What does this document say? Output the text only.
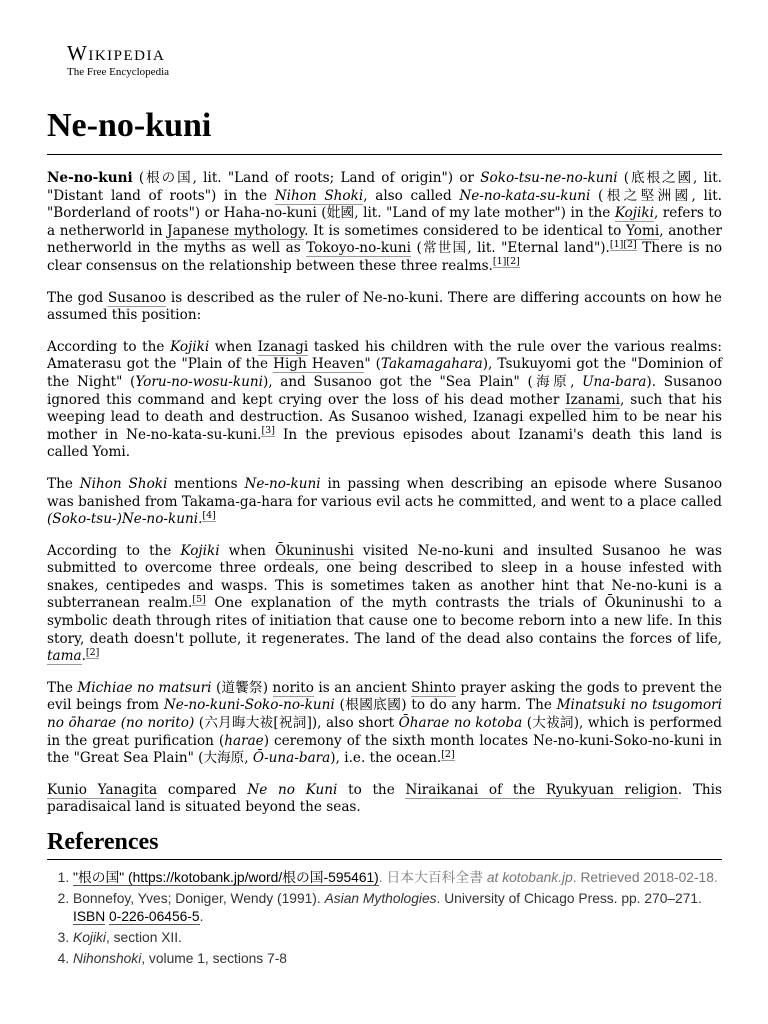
Wikipedia
The Free Encyclopedia
Ne-no-kuni

Ne-no-kuni (根の国, lit. "Land of roots; Land of origin") or Soko-tsu-ne-no-kuni (底根之國, lit. "Distant land of roots") in the Nihon Shoki, also called Ne-no-kata-su-kuni (根之堅洲國, lit. "Borderland of roots") or Haha-no-kuni (妣國, lit. "Land of my late mother") in the Kojiki, refers to a netherworld in Japanese mythology. It is sometimes considered to be identical to Yomi, another netherworld in the myths as well as Tokoyo-no-kuni (常世国, lit. "Eternal land").[1][2] There is no clear consensus on the relationship between these three realms.[1][2]

The god Susanoo is described as the ruler of Ne-no-kuni. There are differing accounts on how he assumed this position:

According to the Kojiki when Izanagi tasked his children with the rule over the various realms: Amaterasu got the "Plain of the High Heaven" (Takamagahara), Tsukuyomi got the "Dominion of the Night" (Yoru-no-wosu-kuni), and Susanoo got the "Sea Plain" (海原, Una-bara). Susanoo ignored this command and kept crying over the loss of his dead mother Izanami, such that his weeping lead to death and destruction. As Susanoo wished, Izanagi expelled him to be near his mother in Ne-no-kata-su-kuni.[3] In the previous episodes about Izanami's death this land is called Yomi.

The Nihon Shoki mentions Ne-no-kuni in passing when describing an episode where Susanoo was banished from Takama-ga-hara for various evil acts he committed, and went to a place called (Soko-tsu-)Ne-no-kuni.[4]

According to the Kojiki when Ōkuninushi visited Ne-no-kuni and insulted Susanoo he was submitted to overcome three ordeals, one being described to sleep in a house infested with snakes, centipedes and wasps. This is sometimes taken as another hint that Ne-no-kuni is a subterranean realm.[5] One explanation of the myth contrasts the trials of Ōkuninushi to a symbolic death through rites of initiation that cause one to become reborn into a new life. In this story, death doesn't pollute, it regenerates. The land of the dead also contains the forces of life, tama.[2]

The Michiae no matsuri (道饗祭) norito is an ancient Shinto prayer asking the gods to prevent the evil beings from Ne-no-kuni-Soko-no-kuni (根國底國) to do any harm. The Minatsuki no tsugomori no ōharae (no norito) (六月晦大祓[祝詞]), also short Ōharae no kotoba (大祓詞), which is performed in the great purification (harae) ceremony of the sixth month locates Ne-no-kuni-Soko-no-kuni in the "Great Sea Plain" (大海原, Ō-una-bara), i.e. the ocean.[2]

Kunio Yanagita compared Ne no Kuni to the Niraikanai of the Ryukyuan religion. This paradisaical land is situated beyond the seas.

References
1. "根の国" (https://kotobank.jp/word/根の国-595461). 日本大百科全書 at kotobank.jp. Retrieved 2018-02-18.
2. Bonnefoy, Yves; Doniger, Wendy (1991). Asian Mythologies. University of Chicago Press. pp. 270–271. ISBN 0-226-06456-5.
3. Kojiki, section XII.
4. Nihonshoki, volume 1, sections 7-8
